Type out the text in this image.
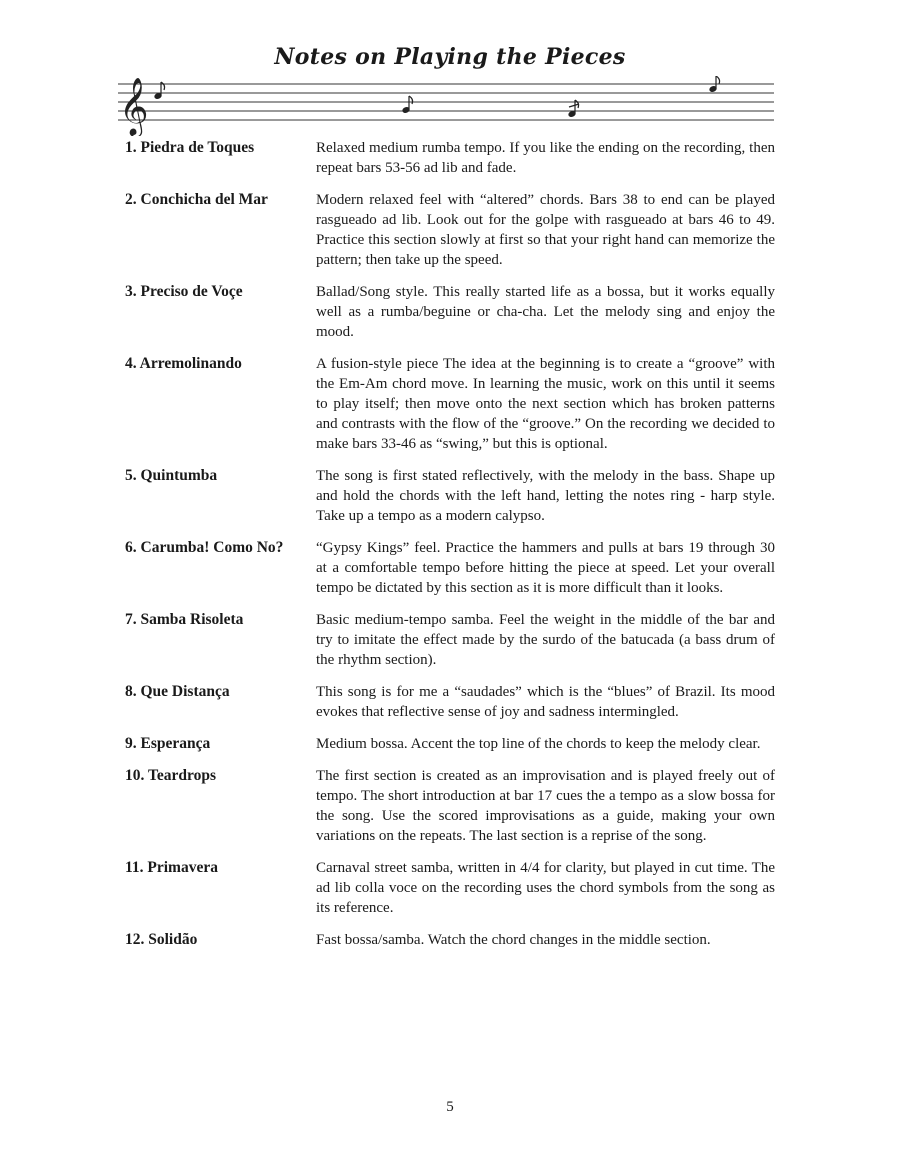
Notes on Playing the Pieces
𝄞
1. Piedra de Toques	Relaxed medium rumba tempo. If you like the ending on the recording, then repeat bars 53-56 ad lib and fade.
2. Conchicha del Mar	Modern relaxed feel with “altered” chords. Bars 38 to end can be played rasgueado ad lib. Look out for the golpe with rasgueado at bars 46 to 49. Practice this section slowly at first so that your right hand can memorize the pattern; then take up the speed.
3. Preciso de Voçe	Ballad/Song style. This really started life as a bossa, but it works equally well as a rumba/beguine or cha-cha. Let the melody sing and enjoy the mood.
4. Arremolinando	A fusion-style piece The idea at the beginning is to create a “groove” with the Em-Am chord move. In learning the music, work on this until it seems to play itself; then move onto the next section which has broken patterns and contrasts with the flow of the “groove.” On the recording we decided to make bars 33-46 as “swing,” but this is optional.
5. Quintumba	The song is first stated reflectively, with the melody in the bass. Shape up and hold the chords with the left hand, letting the notes ring - harp style. Take up a tempo as a modern calypso.
6. Carumba! Como No?	“Gypsy Kings” feel. Practice the hammers and pulls at bars 19 through 30 at a comfortable tempo before hitting the piece at speed. Let your overall tempo be dictated by this section as it is more difficult than it looks.
7. Samba Risoleta	Basic medium-tempo samba. Feel the weight in the middle of the bar and try to imitate the effect made by the surdo of the batucada (a bass drum of the rhythm section).
8. Que Distança	This song is for me a “saudades” which is the “blues” of Brazil. Its mood evokes that reflective sense of joy and sadness intermingled.
9. Esperança	Medium bossa. Accent the top line of the chords to keep the melody clear.
10. Teardrops	The first section is created as an improvisation and is played freely out of tempo. The short introduction at bar 17 cues the a tempo as a slow bossa for the song. Use the scored improvisations as a guide, making your own variations on the repeats. The last section is a reprise of the song.
11. Primavera	Carnaval street samba, written in 4/4 for clarity, but played in cut time. The ad lib colla voce on the recording uses the chord symbols from the song as its reference.
12. Solidão	Fast bossa/samba. Watch the chord changes in the middle section.
5
